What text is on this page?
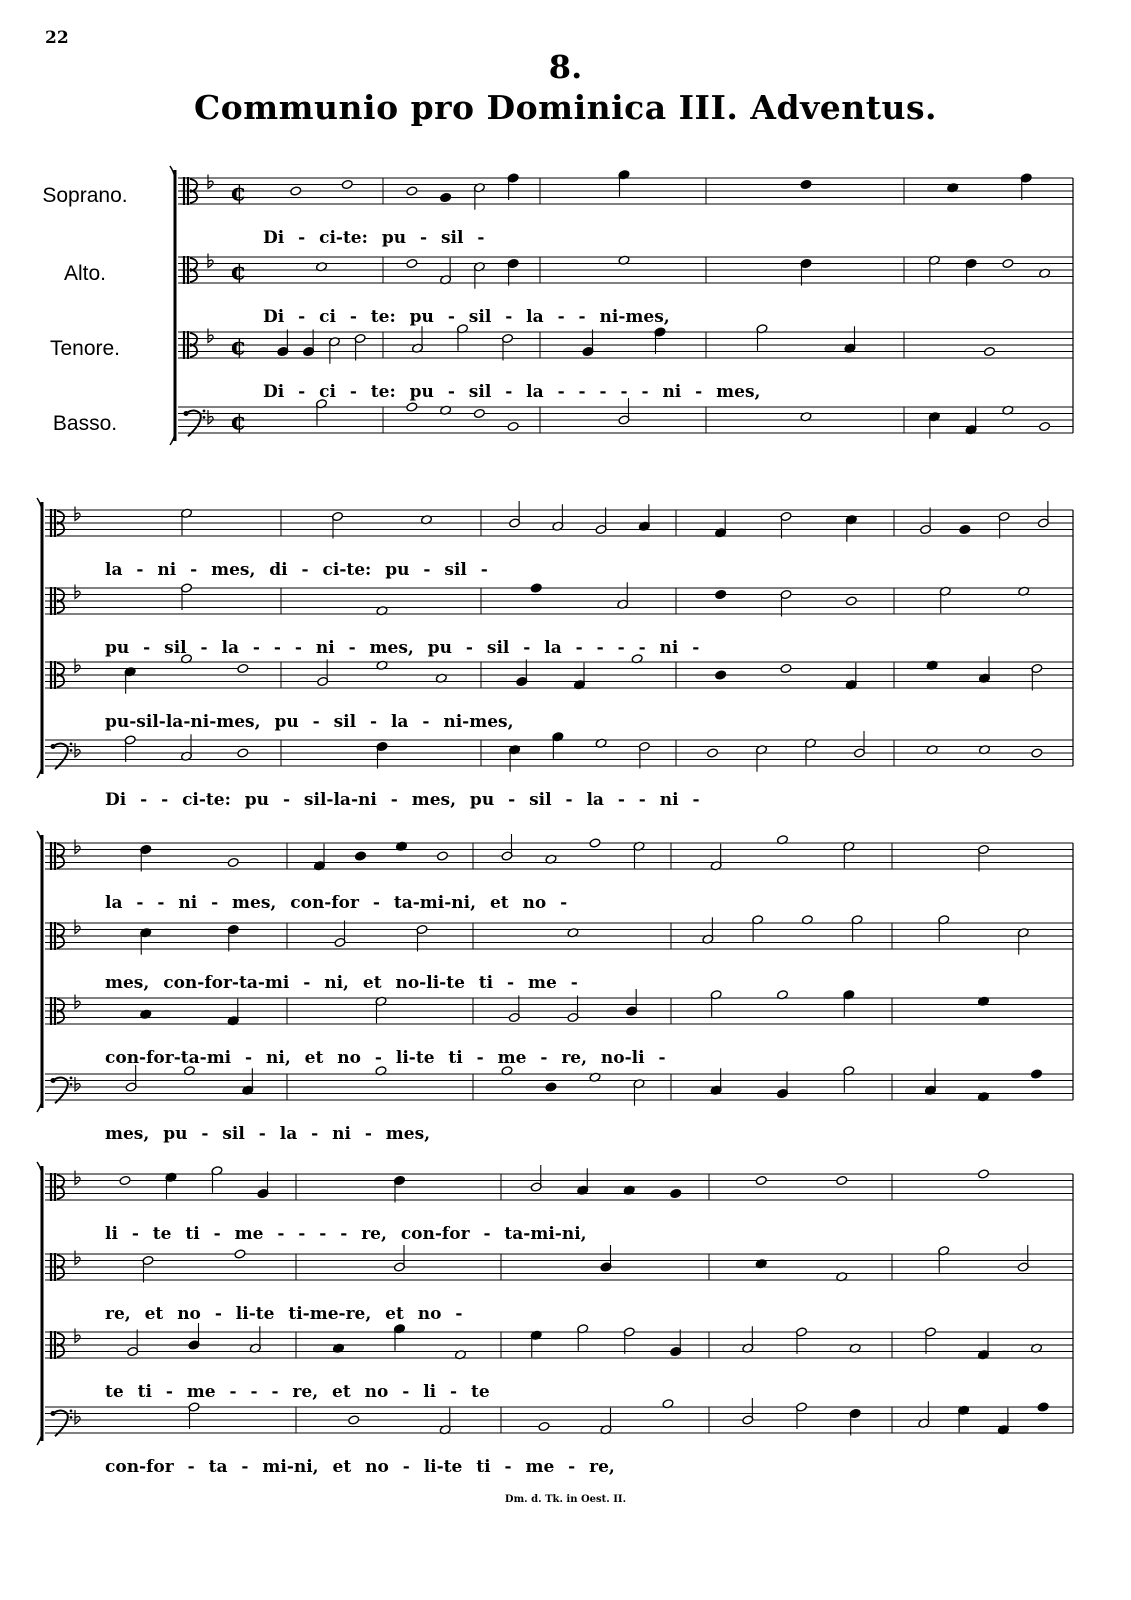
22
8.
Communio pro Dominica III. Adventus.
Soprano.
Alto.
Tenore.
Basso.
¢
¢
¢
¢
Di - ci-te: pu - sil -
Di - ci - te: pu - sil - la - - ni-mes,
Di - ci - te: pu - sil - la - - - - - ni - mes,
la - ni - mes, di - ci-te: pu - sil -
pu - sil - la - - - ni - mes, pu - sil - la - - - - ni -
pu-sil-la-ni-mes, pu - sil - la - ni-mes,
Di - - ci-te: pu - sil-la-ni - mes, pu - sil - la - - ni -
la - - ni - mes, con-for - ta-mi-ni, et no -
mes, con-for-ta-mi - ni, et no-li-te ti - me -
con-for-ta-mi - ni, et no - li-te ti - me - re, no-li -
mes, pu - sil - la - ni - mes,
li - te ti - me - - - - re, con-for - ta-mi-ni,
re, et no - li-te ti-me-re, et no -
te ti - me - - - re, et no - li - te
con-for - ta - mi-ni, et no - li-te ti - me - re,
Dm. d. Tk. in Oest. II.
